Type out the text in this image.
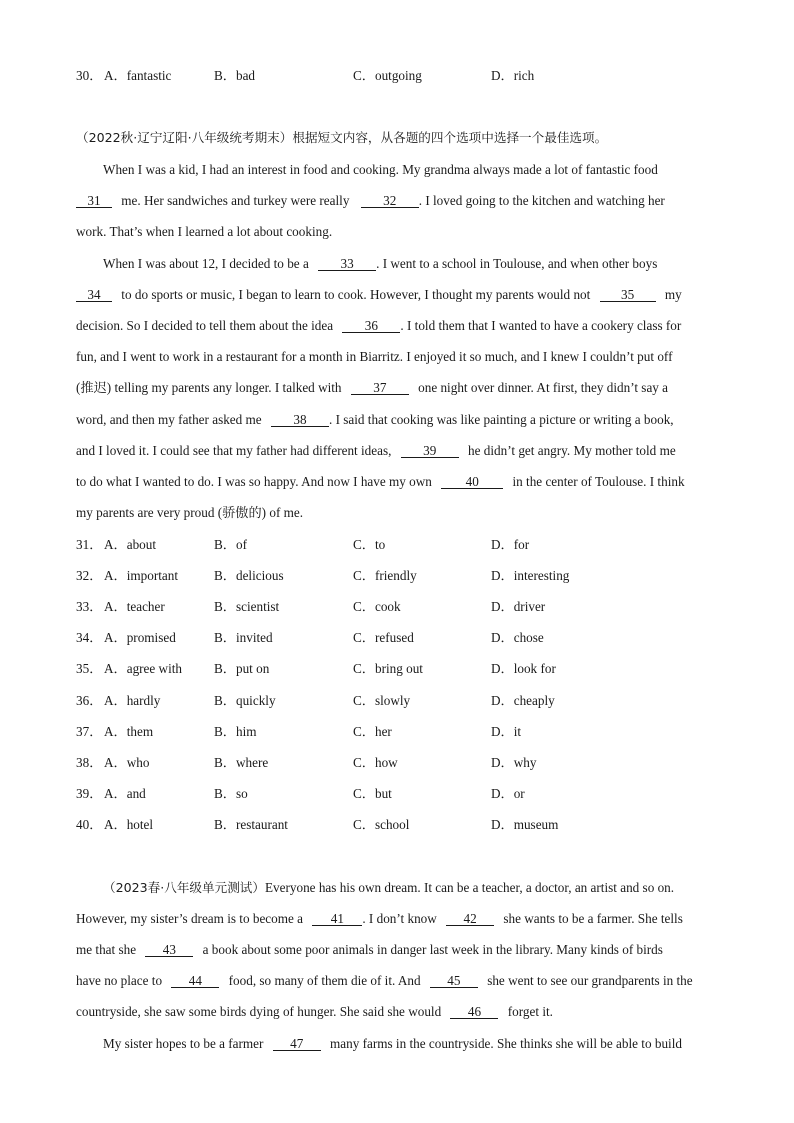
30． A．fantastic	B．bad	C．outgoing	D．rich
（2022秋·辽宁辽阳·八年级统考期末）根据短文内容，从各题的四个选项中选择一个最佳选项。
When I was a kid, I had an interest in food and cooking. My grandma always made a lot of fantastic food
31 me. Her sandwiches and turkey were really	32 . I loved going to the kitchen and watching her
work. That’s when I learned a lot about cooking.
When I was about 12, I decided to be a 33 . I went to a school in Toulouse, and when other boys
34 to do sports or music, I began to learn to cook. However, I thought my parents would not 35 my
decision. So I decided to tell them about the idea 36 . I told them that I wanted to have a cookery class for
fun, and I went to work in a restaurant for a month in Biarritz. I enjoyed it so much, and I knew I couldn’t put off
(推迟) telling my parents any longer. I talked with 37 one night over dinner. At first, they didn’t say a
word, and then my father asked me 38 . I said that cooking was like painting a picture or writing a book,
and I loved it. I could see that my father had different ideas, 39 he didn’t get angry. My mother told me
to do what I wanted to do. I was so happy. And now I have my own	40	in the center of Toulouse. I think
my parents are very proud (骄傲的) of me.
31． A．about	B．of	C．to	D．for
32． A．important	B．delicious	C．friendly	D．interesting
33． A．teacher	B．scientist	C．cook	D．driver
34． A．promised	B．invited	C．refused	D．chose
35． A．agree with B．put on	C．bring out	D．look for
36． A．hardly	B．quickly	C．slowly	D．cheaply
37． A．them	B．him	C．her	D．it
38． A．who	B．where	C．how	D．why
39． A．and	B．so	C．but	D．or
40． A．hotel	B．restaurant	C．school	D．museum
（2023春·八年级单元测试）Everyone has his own dream. It can be a teacher, a doctor, an artist and so on.
However, my sister’s dream is to become a 41 . I don’t know 42 she wants to be a farmer. She tells
me that she 43 a book about some poor animals in danger last week in the library. Many kinds of birds
have no place to 44 food, so many of them die of it. And 45 she went to see our grandparents in the
countryside, she saw some birds dying of hunger. She said she would 46 forget it.
My sister hopes to be a farmer 47 many farms in the countryside. She thinks she will be able to build
